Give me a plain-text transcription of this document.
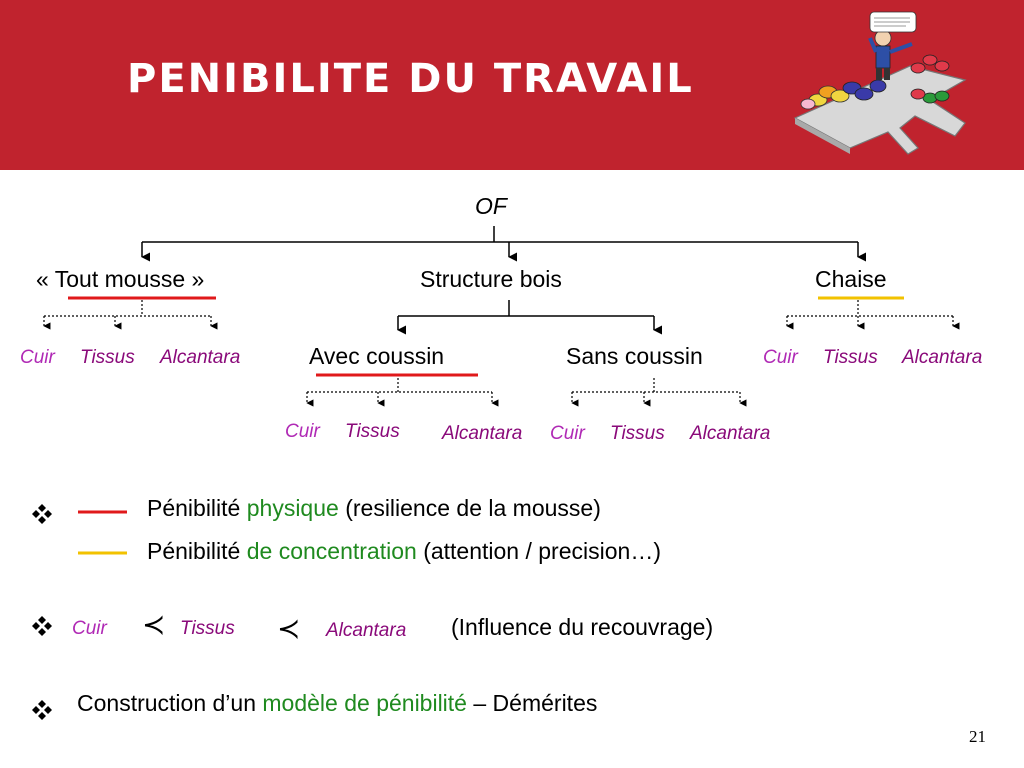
PENIBILITE DU TRAVAIL
OF
« Tout mousse »	Structure bois	Chaise
Avec coussin	Sans coussin
Cuir Tissus Alcantara	Cuir Tissus Alcantara
Cuir Tissus Alcantara Cuir Tissus Alcantara
Pénibilité physique (resilience de la mousse)
Pénibilité de concentration (attention / precision…)
Cuir ≺ Tissus ≺ Alcantara (Influence du recouvrage)
Construction d’un modèle de pénibilité – Démérites
21
